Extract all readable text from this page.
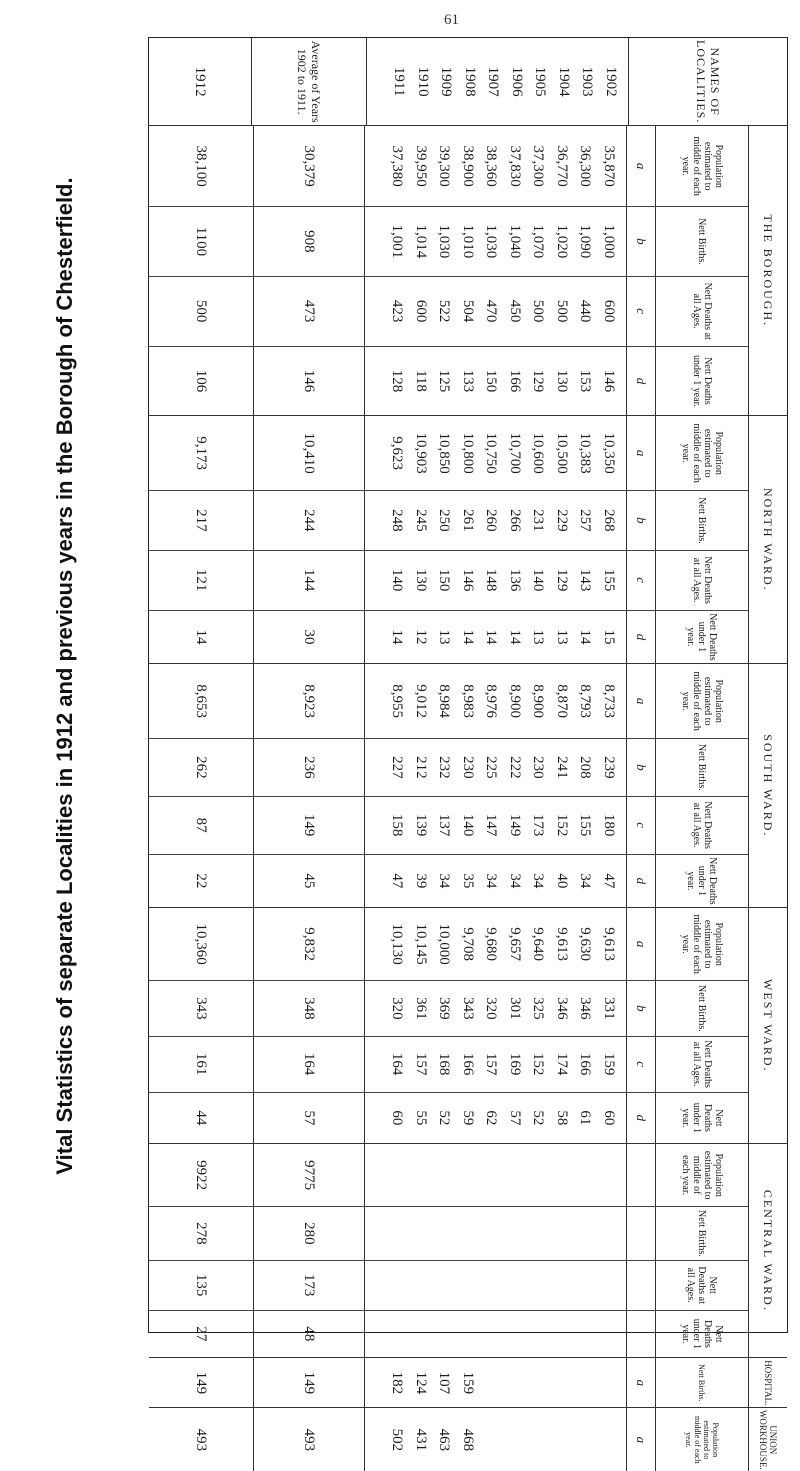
61
Vital Statistics of separate Localities in 1912 and previous years in the Borough of Chesterfield.
NAMES OF LOCALITIES.
1902
1903
1904
1905
1906
1907
1908
1909
1910
1911
Average of Years 1902 to 1911.
1912
THE BOROUGH.
Population estimated to middle of each year.
a
35,870
36,300
36,770
37,300
37,830
38,360
38,900
39,300
39,950
37,380
30,379
38,100
Nett Births.
b
1,000
1,090
1,020
1,070
1,040
1,030
1,010
1,030
1,014
1,001
908
1100
Nett Deaths at all Ages.
c
600
440
500
500
450
470
504
522
600
423
473
500
Nett Deaths under 1 year.
d
146
153
130
129
166
150
133
125
118
128
146
106
NORTH WARD.
Population estimated to middle of each year.
a
10,350
10,383
10,500
10,600
10,700
10,750
10,800
10,850
10,903
9,623
10,410
9,173
Nett Births.
b
268
257
229
231
266
260
261
250
245
248
244
217
Nett Deaths at all Ages.
c
155
143
129
140
136
148
146
150
130
140
144
121
Nett Deaths under 1 year.
d
15
14
13
13
14
14
14
13
12
14
30
14
SOUTH WARD.
Population estimated to middle of each year.
a
8,733
8,793
8,870
8,900
8,900
8,976
8,983
8,984
9,012
8,955
8,923
8,653
Nett Births.
b
239
208
241
230
222
225
230
232
212
227
236
262
Nett Deaths at all Ages.
c
180
155
152
173
149
147
140
137
139
158
149
87
Nett Deaths under 1 year.
d
47
34
40
34
34
34
35
34
39
47
45
22
WEST WARD.
Population estimated to middle of each year.
a
9,613
9,630
9,613
9,640
9,657
9,680
9,708
10,000
10,145
10,130
9,832
10,360
Nett Births.
b
331
346
346
325
301
320
343
369
361
320
348
343
Nett Deaths at all Ages.
c
159
166
174
152
169
157
166
168
157
164
164
161
Nett Deaths under 1 year.
d
60
61
58
52
57
62
59
52
55
60
57
44
CENTRAL WARD.
Population estimated to middle of each year.
9775
9922
Nett Births.
280
278
Nett Deaths at all Ages.
173
135
Nett Deaths under 1 year.
48
27
HOSPITAL.
Nett Births.
a
159
107
124
182
149
149
UNION WORKHOUSE.
Population estimated to middle of each year.
a
468
463
431
502
493
493
